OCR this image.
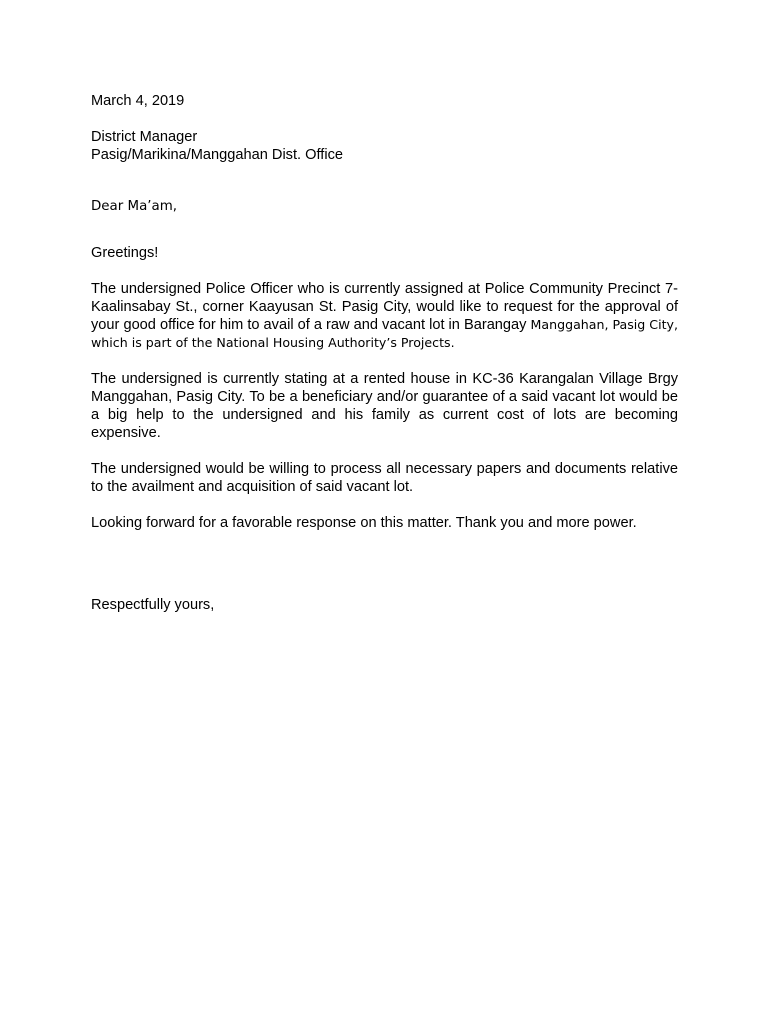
March 4, 2019
District Manager
Pasig/Marikina/Manggahan Dist. Office
Dear Ma’am,
Greetings!

The undersigned Police Officer who is currently assigned at Police Community Precinct 7- Kaalinsabay St., corner Kaayusan St. Pasig City, would like to request for the approval of your good office for him to avail of a raw and vacant lot in Barangay Manggahan, Pasig City, which is part of the National Housing Authority’s Projects.

The undersigned is currently stating at a rented house in KC-36 Karangalan Village Brgy Manggahan, Pasig City. To be a beneficiary and/or guarantee of a said vacant lot would be a big help to the undersigned and his family as current cost of lots are becoming expensive.

The undersigned would be willing to process all necessary papers and documents relative to the availment and acquisition of said vacant lot.

Looking forward for a favorable response on this matter. Thank you and more power.

Respectfully yours,
